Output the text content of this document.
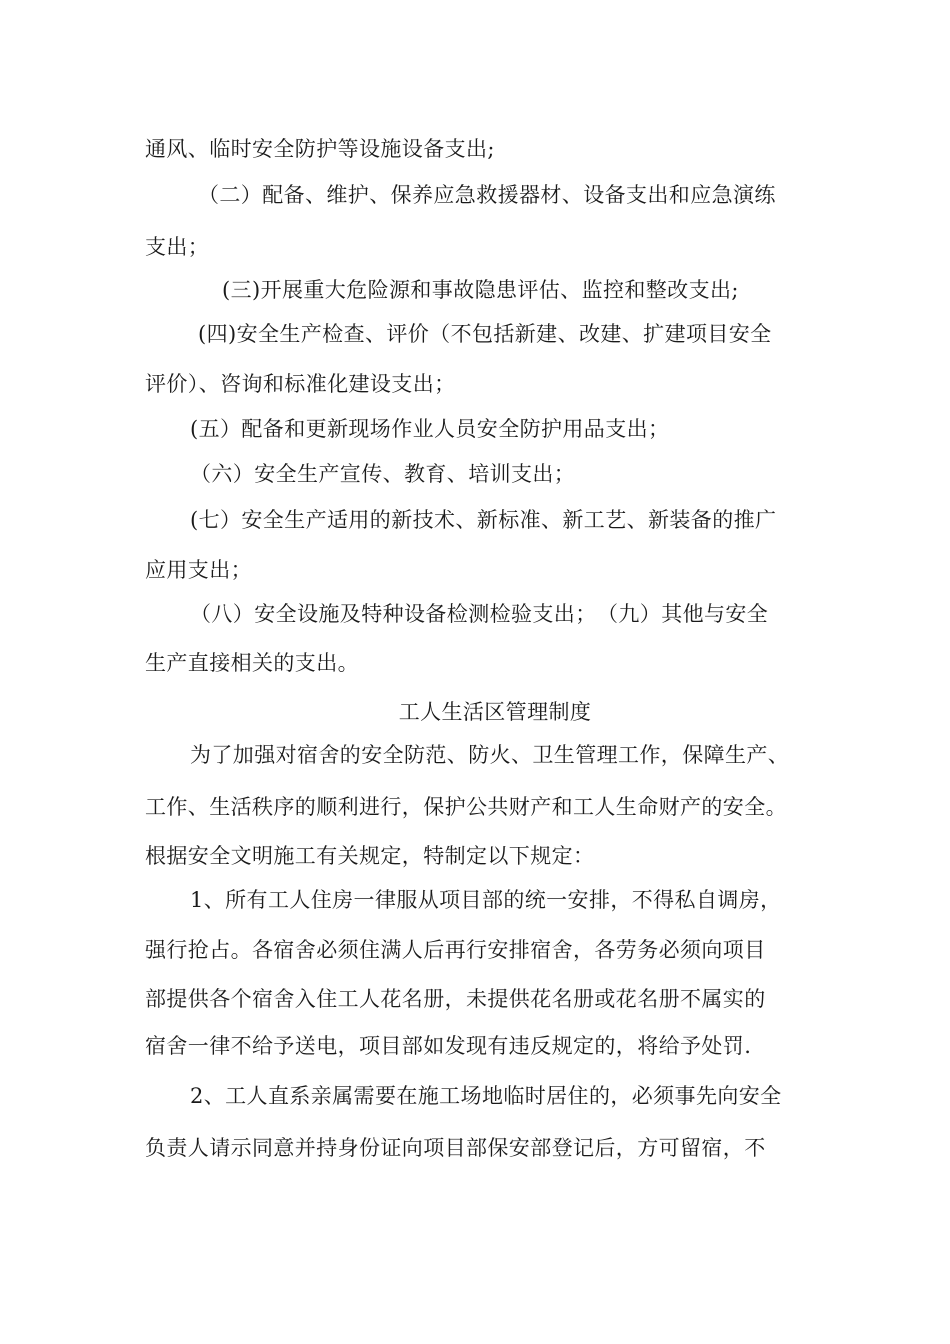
通风、临时安全防护等设施设备支出;
（二）配备、维护、保养应急救援器材、设备支出和应急演练
支出；
(三)开展重大危险源和事故隐患评估、监控和整改支出;
(四)安全生产检查、评价（不包括新建、改建、扩建项目安全
评价）、咨询和标准化建设支出；
(五）配备和更新现场作业人员安全防护用品支出；
（六）安全生产宣传、教育、培训支出；
(七）安全生产适用的新技术、新标准、新工艺、新装备的推广
应用支出；
（八）安全设施及特种设备检测检验支出；　（九）其他与安全
生产直接相关的支出。
工人生活区管理制度
为了加强对宿舍的安全防范、防火、卫生管理工作，保障生产、
工作、生活秩序的顺利进行，保护公共财产和工人生命财产的安全。
根据安全文明施工有关规定，特制定以下规定：
1、所有工人住房一律服从项目部的统一安排，不得私自调房，
强行抢占。各宿舍必须住满人后再行安排宿舍，各劳务必须向项目
部提供各个宿舍入住工人花名册，未提供花名册或花名册不属实的
宿舍一律不给予送电，项目部如发现有违反规定的，将给予处罚.
2、工人直系亲属需要在施工场地临时居住的，必须事先向安全
负责人请示同意并持身份证向项目部保安部登记后，方可留宿，不
